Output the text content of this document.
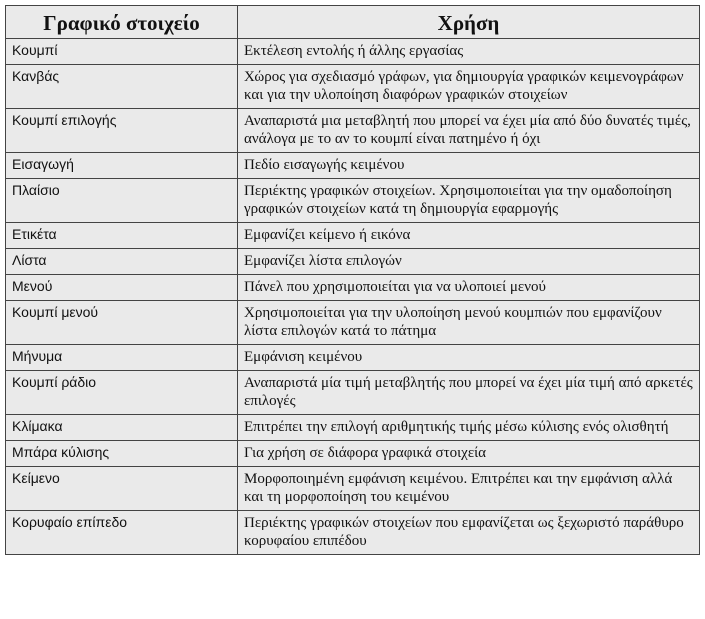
Γραφικό στοιχείο	Χρήση
Κουμπί	Εκτέλεση εντολής ή άλλης εργασίας
Κανβάς	Χώρος για σχεδιασμό γράφων, για δημιουργία γραφικών κειμενογράφων και για την υλοποίηση διαφόρων γραφικών στοιχείων
Κουμπί επιλογής	Αναπαριστά μια μεταβλητή που μπορεί να έχει μία από δύο δυνατές τιμές, ανάλογα με το αν το κουμπί είναι πατημένο ή όχι
Εισαγωγή	Πεδίο εισαγωγής κειμένου
Πλαίσιο	Περιέκτης γραφικών στοιχείων. Χρησιμοποιείται για την ομαδοποίηση γραφικών στοιχείων κατά τη δημιουργία εφαρμογής
Ετικέτα	Εμφανίζει κείμενο ή εικόνα
Λίστα	Εμφανίζει λίστα επιλογών
Μενού	Πάνελ που χρησιμοποιείται για να υλοποιεί μενού
Κουμπί μενού	Χρησιμοποιείται για την υλοποίηση μενού κουμπιών που εμφανίζουν λίστα επιλογών κατά το πάτημα
Μήνυμα	Εμφάνιση κειμένου
Κουμπί ράδιο	Αναπαριστά μία τιμή μεταβλητής που μπορεί να έχει μία τιμή από αρκετές επιλογές
Κλίμακα	Επιτρέπει την επιλογή αριθμητικής τιμής μέσω κύλισης ενός ολισθητή
Μπάρα κύλισης	Για χρήση σε διάφορα γραφικά στοιχεία
Κείμενο	Μορφοποιημένη εμφάνιση κειμένου. Επιτρέπει και την εμφάνιση αλλά και τη μορφοποίηση του κειμένου
Κορυφαίο επίπεδο	Περιέκτης γραφικών στοιχείων που εμφανίζεται ως ξεχωριστό παράθυρο κορυφαίου επιπέδου
